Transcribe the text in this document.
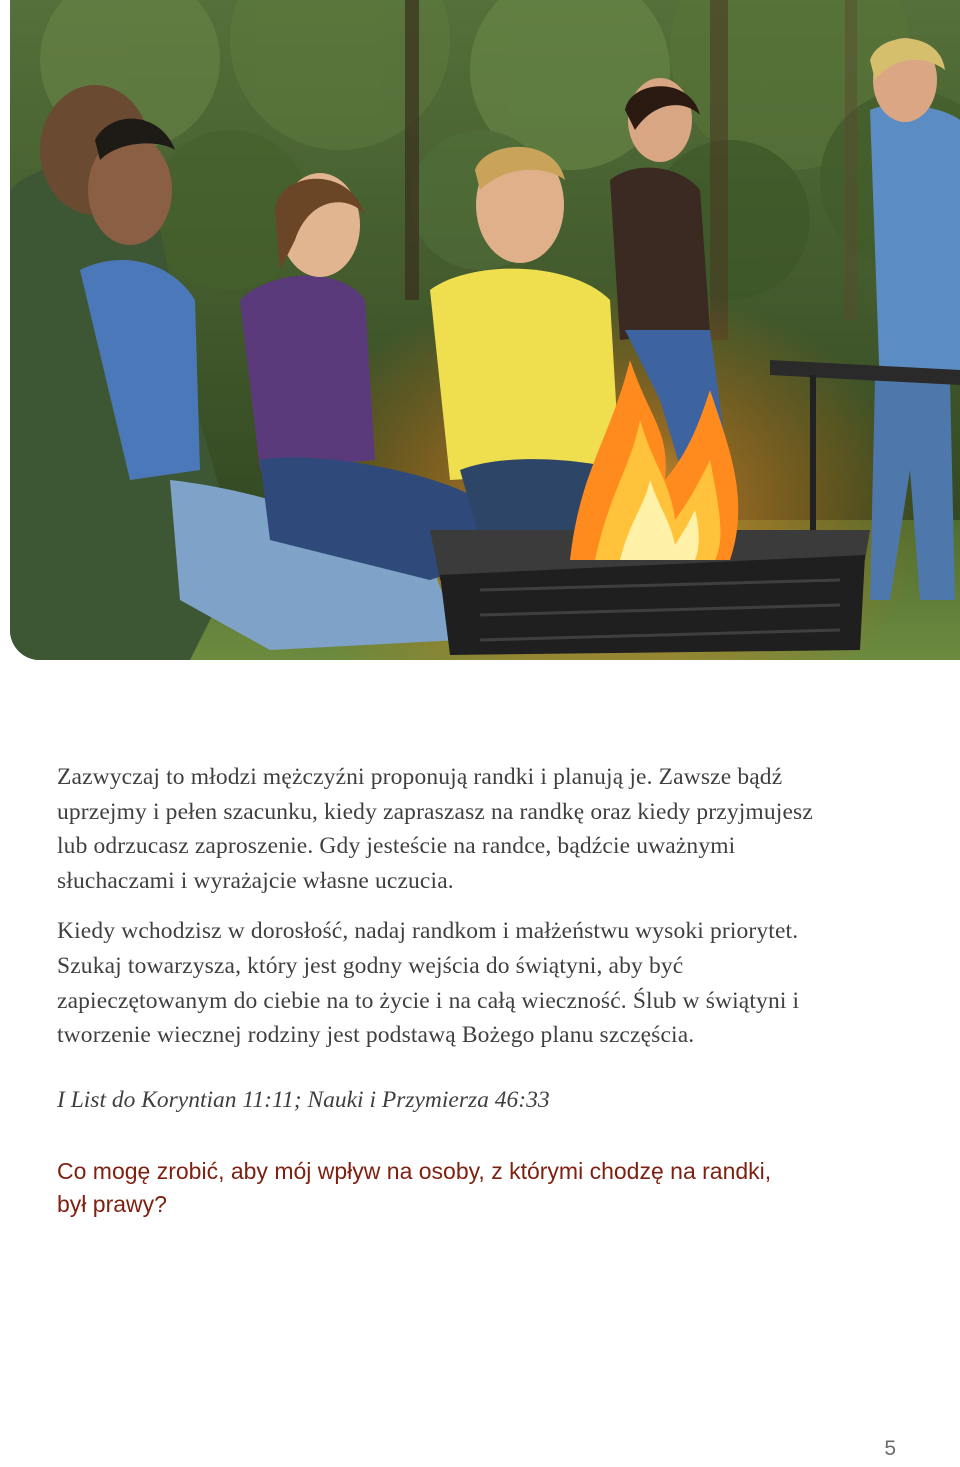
Zazwyczaj to młodzi mężczyźni proponują randki i planują je. Zawsze bądź uprzejmy i pełen szacunku, kiedy zapraszasz na randkę oraz kiedy przyjmujesz lub odrzucasz zaproszenie. Gdy jesteście na randce, bądźcie uważnymi słuchaczami i wyrażajcie własne uczucia.

Kiedy wchodzisz w dorosłość, nadaj randkom i małżeństwu wysoki priorytet. Szukaj towarzysza, który jest godny wejścia do świątyni, aby być zapieczętowanym do ciebie na to życie i na całą wieczność. Ślub w świątyni i tworzenie wiecznej rodziny jest podstawą Bożego planu szczęścia.

I List do Koryntian 11:11; Nauki i Przymierza 46:33

Co mogę zrobić, aby mój wpływ na osoby, z którymi chodzę na randki, był prawy?

5
